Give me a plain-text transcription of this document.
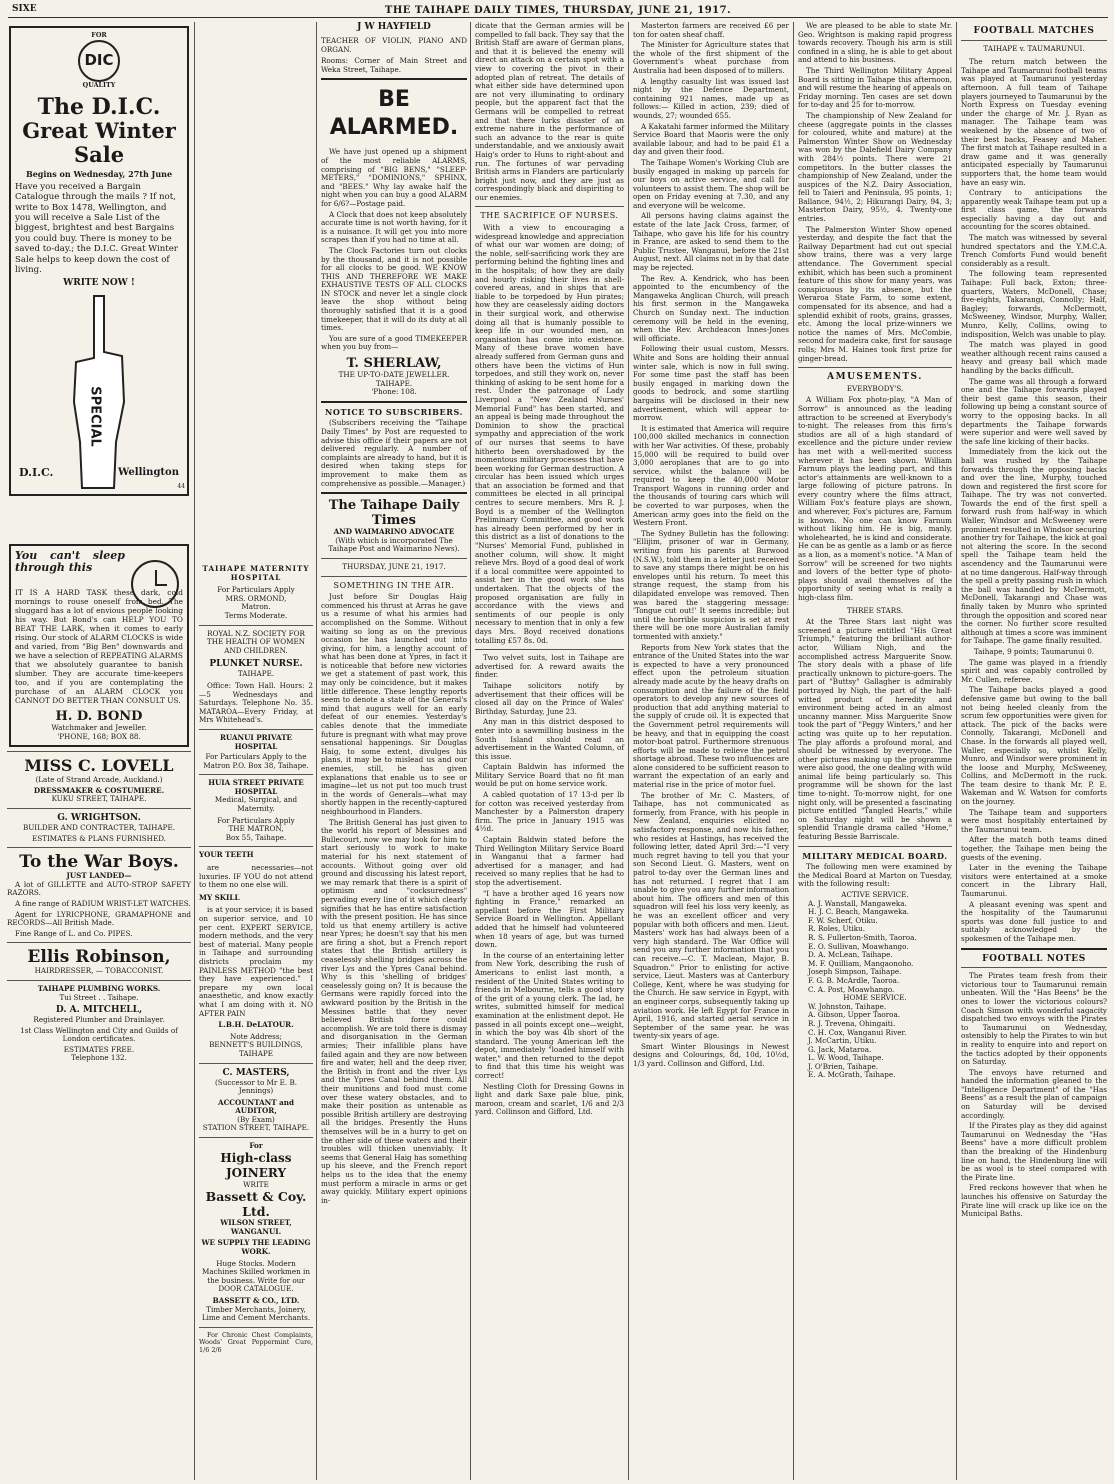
SIXE	THE TAIHAPE DAILY TIMES, THURSDAY, JUNE 21, 1917.
FOR
DIC
QUALITY
The D.I.C.
Great Winter Sale
Begins on Wednesday, 27th June

Have you received a Bargain Catalogue through the mails ? If not, write to Box 1478, Wellington, and you will receive a Sale List of the biggest, brightest and best Bargains you could buy. There is money to be saved to-day.; the D.I.C. Great Winter Sale helps to keep down the cost of living.

WRITE NOW !
SPECIAL
D.I.C.	Wellington
44
You can't sleep through this

IT IS A HARD TASK these dark, cold mornings to rouse oneself from bed. The sluggard has a lot of envious people looking his way. But Bond's can HELP YOU TO BEAT THE LARK, when it comes to early rising. Our stock of ALARM CLOCKS is wide and varied, from "Big Ben" downwards and we have a selection of REPEATING ALARMS that we absolutely guarantee to banish slumber. They are accurate time-keepers too, and if you are contemplating the purchase of an ALARM CLOCK you CANNOT DO BETTER THAN CONSULT US.

H. D. BOND
Watchmaker and Jeweller.
'PHONE, 168; BOX 88.
MISS C. LOVELL
(Late of Strand Arcade, Auckland.)
DRESSMAKER & COSTUMIERE.
KUKU STREET, TAIHAPE.
G. WRIGHTSON.
BUILDER AND CONTRACTER, TAIHAPE.
ESTIMATES & PLANS FURNISHED.
To the War Boys.
JUST LANDED—

A lot of GILLETTE and AUTO-STROP SAFETY RAZORS.

A fine range of RADIUM WRIST-LET WATCHES.

Agent for LYRICPHONE, GRAMAPHONE and RECORDS—All British Made.

Fine Range of L. and Co. PIPES.

Ellis Robinson,
HAIRDRESSER, — TOBACCONIST.
TAIHAPE PLUMBING WORKS.
Tui Street . . Taihape.
D. A. MITCHELL,
Registered Plumber and Drainlayer.

1st Class Wellington and City and Guilds of London certificates.

ESTIMATES FREE.
Telephone 132.
TAIHAPE MATERNITY HOSPITAL
For Particulars Apply
MRS. ORMOND,
Matron.
Terms Moderate.
ROYAL N.Z. SOCIETY FOR THE HEALTH OF WOMEN AND CHILDREN.
PLUNKET NURSE.
TAIHAPE.

Office: Town Hall. Hours: 2—5 Wednesdays and Saturdays. Telephone No. 35. MATAROA—Every Friday, at Mrs Whitehead's.

RUANUI PRIVATE HOSPITAL

For Particulars Apply to the Matron P.O. Box 38, Taihape.

HUIA STREET PRIVATE HOSPITAL
Medical, Surgical, and Maternity.
For Particulars Apply
THE MATRON,
Box 55, Taihape.
YOUR TEETH

are necessaries—not luxuries. IF YOU do not attend to them no one else will.

MY SKILL

is at your service; it is based on superior service, and 10 per cent. EXPERT SERVICE, modern methods, and the very best of material. Many people in Taihape and surrounding districts proclaim my PAINLESS METHOD "the best they have experienced." I prepare my own local anaesthetic, and know exactly what I am doing with it. NO AFTER PAIN

L.B.H. DeLATOUR.
Note Address;
BENNETT'S BUILDINGS, TAIHAPE
C. MASTERS,
(Successor to Mr E. B. Jennings)
ACCOUNTANT and AUDITOR,
(By Exam)
STATION STREET, TAIHAPE.
For
High-class JOINERY
WRITE
Bassett & Coy. Ltd.
WILSON STREET, WANGANUI.
WE SUPPLY THE LEADING WORK.

Huge Stocks. Modern Machines Skilled workmen in the business. Write for our DOOR CATALOGUE.

BASSETT & CO., LTD.

Timber Merchants, Joinery, Lime and Cement Merchants.

For Chronic Chest Complaints, Woods' Great Peppermint Cure, 1/6 2/6

J W HAYFIELD

TEACHER OF VIOLIN, PIANO AND ORGAN.

Rooms: Corner of Main Street and Weka Street, Taihape.

BE ALARMED.

We have just opened up a shipment of the most reliable ALARMS, comprising of "BIG BENS," "SLEEP-METERS," "DOMINIONS," SPHINX, and "BEES." Why lay awake half the night when you can buy a good ALARM for 6/6?—Postage paid.

A Clock that does not keep absolutely accurate time is not worth having, for it is a nuisance. It will get you into more scrapes than if you had no time at all.

The Clock Factories turn out clocks by the thousand, and it is not possible for all clocks to be good. WE KNOW THIS AND THEREFORE WE MAKE EXHAUSTIVE TESTS OF ALL CLOCKS IN STOCK and never let a single clock leave the shop without being thoroughly satisfied that it is a good timekeeper, that it will do its duty at all times.

You are sure of a good TIMEKEEPER when you buy from—

T. SHERLAW,
THE UP-TO-DATE JEWELLER.
TAIHAPE.
'Phone: 108.
NOTICE TO SUBSCRIBERS.

(Subscribers receiving the "Taihape Daily Times" by Post are requested to advise this office if their papers are not delivered regularly. A number of complaints are already to hand, but it is desired when taking steps for improvement to make them as comprehensive as possible.—Manager.)

The Taihape Daily Times
AND WAIMARINO ADVOCATE
(With which is incorporated The Taihape Post and Waimarino News).
THURSDAY, JUNE 21, 1917.
SOMETHING IN THE AIR.

Just before Sir Douglas Haig commenced his thrust at Arras he gave us a resume of what his armies had accomplished on the Somme. Without waiting so long as on the previous occasion he has launched out into giving, for him, a lengthy account of what has been done at Ypres, in fact it is noticeable that before new victories we get a statement of past work, this may only be coincidence, but it makes little difference. These lengthy reports seem to denote a state of the General's mind that augurs well for an early defeat of our enemies. Yesterday's cables denote that the immediate future is pregnant with what may prove sensational happenings. Sir Douglas Haig, to some extent, divulges his plans, it may be to mislead us and our enemies, still, he has given explanations that enable us to see or imagine—let us not put too much trust in the words of Generals—what may shortly happen in the recently-captured neighbourhood in Flanders.

The British General has just given to the world his report of Messines and Bullecourt, now we may look for him to start seriously to work to make material for his next statement of accounts. Without going over old ground and discussing his latest report, we may remark that there is a spirit of optimism and "cocksuredness" pervading every line of it which clearly signifies that he has entire satisfaction with the present position. He has since told us that enemy artillery is active near Ypres; he doesn't say that his men are firing a shot, but a French report states that the British artillery is ceaselessly shelling bridges across the river Lys and the Ypres Canal behind. Why is this 'shelling of bridges' ceaselessly going on? It is because the Germans were rapidly forced into the awkward position by the British in the Messines battle that they never believed British force could accomplish. We are told there is dismay and disorganisation in the German armies; Their infallible plans have failed again and they are now between fire and water, hell and the deep river, the British in front and the river Lys and the Ypres Canal behind them. All their munitions and food must come over these watery obstacles, and to make their position as untenable as possible British artillery are destroying all the bridges. Presently the Huns themselves will be in a hurry to get on the other side of these waters and their troubles will thicken unenviably. It seems that General Haig has something up his sleeve, and the French report helps us to the idea that the enemy must perform a miracle in arms or get away quickly. Military expert opinions in-

dicate that the German armies will be compelled to fall back. They say that the British Staff are aware of German plans, and that it is believed the enemy will direct an attack on a certain spot with a view to covering the pivot in their adopted plan of retreat. The details of what either side have determined upon are not very illuminating to ordinary people, but the apparent fact that the Germans will be compelled to retreat and that there lurks disaster of an extreme nature in the performance of such an advance to the rear is quite understandable, and we anxiously await Haig's order to Huns to right-about and run. The fortunes of war pervading British arms in Flanders are particularly bright just now, and they are just as correspondingly black and dispiriting to our enemies.

THE SACRIFICE OF NURSES.

With a view to encouraging a widespread knowledge and appreciation of what our war women are doing; of the noble, self-sacrificing work they are performing behind the fighting lines and in the hospitals; of how they are daily and hourly risking their lives in shell-covered areas, and in ships that are liable to be torpedoed by Hun pirates; how they are ceaselessly aiding doctors in their surgical work, and otherwise doing all that is humanly possible to keep life in our wounded men, an organisation has come into existence. Many of these brave women have already suffered from German guns and others have been the victims of Hun torpedoes, and still they work on, never thinking of asking to be sent home for a rest. Under the patronage of Lady Liverpool a "New Zealand Nurses' Memorial Fund" has been started, and an appeal is being made throughout the Dominion to show the practical sympathy and appreciation of the work of our nurses that seems to have hitherto been overshadowed by the momentous military processes that have been working for German destruction. A circular has been issued which urges that an association be formed and that committees be elected in all principal centres to secure members. Mrs R. J. Boyd is a member of the Wellington Preliminary Committee, and good work has already been performed by her in this district as a list of donations to the "Nurses' Memorial Fund, published in another column, will show. It might relieve Mrs. Boyd of a good deal of work if a local committee were appointed to assist her in the good work she has undertaken. That the objects of the proposed organisation are fully in accordance with the views and sentiments of our people is only necessary to mention that in only a few days Mrs. Boyd received donations totalling £57 8s. 0d.

Two velvet suits, lost in Taihape are advertised for. A reward awaits the finder.

Taihape solicitors notify by advertisement that their offices will be closed all day on the Prince of Wales' Birthday, Saturday, June 23.

Any man in this district desposed to enter into a sawmilling business in the South Island should read an advertisement in the Wanted Column, of this issue.

Captain Baldwin has informed the Military Service Board that no fit man would be put on home service work.

A cabled quotation of 17 13-d per lb for cotton was received yesterday from Manchester by a Palmerston drapery firm. The price in January 1915 was 4½d.

Captain Baldwin stated before the Third Wellington Military Service Board in Wanganui that a farmer had advertised for a manager, and had received so many replies that he had to stop the advertisement.

"I have a brother aged 16 years now fighting in France," remarked an appellant before the First Military Service Board in Wellington. Appellant added that he himself had volunteered when 18 years of age, but was turned down.

In the course of an entertaining letter from New York, describing the rush of Americans to enlist last month, a resident of the United States writing to friends in Melbourne, tells a good story of the grit of a young clerk. The lad, he writes, submitted himself for medical examination at the enlistment depot. He passed in all points except one—weight, in which the boy was 4lb short of the standard. The young American left the depot, immediately "loaded himself with water," and then returned to the depot to find that this time his weight was correct!

Nestling Cloth for Dressing Gowns in light and dark Saxe pale blue, pink, maroon, cream and scarlet, 1/6 and 2/3 yard. Collinson and Gifford, Ltd.

Masterton farmers are received £6 per ton for oaten sheaf chaff.

The Minister for Agriculture states that the whole of the first shipment of the Government's wheat purchase from Australia had been disposed of to millers.

A lengthy casualty list was issued last night by the Defence Department, containing 921 names, made up as follows:— Killed in action, 239; died of wounds, 27; wounded 655.

A Kakatahi farmer informed the Military Service Board that Maoris were the only available labour, and had to be paid £1 a day and given their food.

The Taihape Women's Working Club are busily engaged in making up parcels for our boys on active service, and call for volunteers to assist them. The shop will be open on Friday evening at 7.30, and any and everyone will be welcome.

All persons having claims against the estate of the late Jack Cross, farmer, of Taihape, who gave his life for his country in France, are asked to send them to the Public Trustee, Wanganui, before the 21st August, next. All claims not in by that date may be rejected.

The Rev. A. Kendrick, who has been appointed to the encumbency of the Mangaweka Anglican Church, will preach his first sermon in the Mangaweka Church on Sunday next. The induction ceremony will be held in the evening, when the Rev. Archdeacon Innes-Jones will officiate.

Following their usual custom, Messrs. White and Sons are holding their annual winter sale, which is now in full swing. For some time past the staff has been busily engaged in marking down the goods to bedrock, and some startling bargains will be disclosed in their new advertisement, which will appear to-morrow.

It is estimated that America will require 100,000 skilled mechanics in connection with her War activities. Of these, probably 15,000 will be required to build over 3,000 aeroplanes that are to go into service, whilst the balance will be required to keep the 40,000 Motor Transport Wagons in running order and the thousands of touring cars which will be coverted to war purposes, when the American army goes into the field on the Western Front.

The Sydney Bulletin has the following: "Ellijim, prisoner of war in Germany, writing from his parents at Burwood (N.S.W.), told them in a letter just received to save any stamps there might be on his envelopes until his return. To meet this strange request, the stamp from his dilapidated envelope was removed. Then was bared the staggering message: 'Tongue cut out!' It seems incredible; but until the horrible suspicion is set at rest there will be one more Australian family tormented with anxiety."

Reports from New York states that the entrance of the United States into the war is expected to have a very pronounced effect upon the petroleum situation already made acute by the heavy drafts on consumption and the failure of the field operators to develop any new sources of production that add anything material to the supply of crude oil. It is expected that the Government petrol requirements will be heavy, and that in equipping the coast motor-boat patrol. Furthermore strenuous efforts will be made to relieve the petrol shortage abroad. These two influences are alone considered to be sufficient reason to warrant the expectation of an early and material rise in the price of motor fuel.

The brother of Mr. C. Masters, of Taihape, has not communicated as formerly, from France, with his people in New Zealand, enquiries elicited no satisfactory response, and now his father, who resides at Hastings, has received the following letter, dated April 3rd:—"I very much regret having to tell you that your son Second Lieut. G. Masters, went on patrol to-day over the German lines and has not returned. I regret that I am unable to give you any further information about him. The officers and men of this squadron will feel his loss very keenly, as he was an excellent officer and very popular with both officers and men. Lieut. Masters' work has had always been of a very high standard. The War Office will send you any further information that you can receive.—C. T. Maclean, Major, B. Squadron." Prior to enlisting for active service, Lieut. Masters was at Canterbury College, Kent, where he was studying for the Church. He saw service in Egypt, with an engineer corps, subsequently taking up aviation work. He left Egypt for France in April, 1916, and started aerial service in September of the same year. he was twenty-six years of age.

Smart Winter Blousings in Newest designs and Colourings, 8d, 10d, 10½d, 1/3 yard. Collinson and Gifford, Ltd.

We are pleased to be able to state Mr. Geo. Wrightson is making rapid progress towards recovery. Though his arm is still confined in a sling, he is able to get about and attend to his business.

The Third Wellington Military Appeal Board is sitting in Taihape this afternoon, and will resume the hearing of appeals on Friday morning. Ten cases are set down for to-day and 25 for to-morrow.

The championship of New Zealand for cheese (aggregate points in the classes for coloured, white and mature) at the Palmerston Winter Show on Wednesday was won by the Dalefield Dairy Company with 284½ points. There were 21 competitors. In the butter classes the championship of New Zealand, under the auspices of the N.Z. Dairy Association, fell to Taieri and Peninsula, 95 points, 1; Ballance, 94½, 2; Hikurangi Dairy, 94, 3; Masterton Dairy, 95½, 4. Twenty-one entries.

The Palmerston Winter Show opened yesterday, and despite the fact that the Railway Department had cut out special show trains, there was a very large attendance. The Government special exhibit, which has been such a prominent feature of this show for many years, was conspicuous by its absence, but the Weraroa State Farm, to some extent, compensated for its absence, and had a splendid exhibit of roots, grains, grasses, etc. Among the local prize-winners we notice the names of Mrs. McCombie, second for madeira cake, first for sausage rolls; Mrs M. Haines took first prize for ginger-bread.

AMUSEMENTS.
EVERYBODY'S.

A William Fox photo-play, "A Man of Sorrow" is announced as the leading attraction to be screened at Everybody's to-night. The releases from this firm's studios are all of a high standard of excellence and the picture under review has met with a well-merited success wherever it has been shown. William Farnum plays the leading part, and this actor's attainments are well-known to a large following of picture patrons. In every country where the films attract, William Fox's feature plays are shown, and wherever, Fox's pictures are, Farnum is known. No one can know Farnum without liking him. He is big, manly, wholehearted, he is kind and considerate. He can be as gentle as a lamb or as fierce as a lion, as a moment's notice. "A Man of Sorrow" will be screened for two nights and lovers of the better type of photo-plays should avail themselves of the opportunity of seeing what is really a high-class film.

THREE STARS.

At the Three Stars last night was screened a picture entitled "His Great Triumph," featuring the brilliant author-actor, William Nigh, and the accomplished actress Marguerite Snow. The story deals with a phase of life practically unknown to picture-goers. The part of "Buttsy" Gallagher is admirably portrayed by Nigh, the part of the half-witted product of heredity and environment being acted in an almost uncanny manner. Miss Marguerite Snow took the part of "Peggy Winters," and her acting was quite up to her reputation. The play affords a profound moral, and should be witnessed by everyone. The other pictures making up the programme were also good, the one dealing with wild animal life being particularly so. This programme will be shown for the last time to-night. To-morrow night, for one night only, will be presented a fascinating picture entitled "Tangled Hearts," while on Saturday night will be shown a splendid Triangle drama called "Home," featuring Bessie Barriscale.

MILITARY MEDICAL BOARD.

The following men were examined by the Medical Board at Marton on Tuesday, with the following result:

ACTIVE SERVICE.
A. J. Wanstall, Mangaweka.
H. J. C. Beach, Mangaweka.
F. W. Scherf, Otiku.
R. Roles, Utiku.
R. S. Fullerton-Smith, Taoroa.
E. O. Sullivan, Moawhango.
D. A. McLean, Taihape.
M. F. Quilliam, Mangaonoho.
Joseph Simpson, Taihape.
F. G. B. McArdle, Taoroa.
C. A. Post, Moawhango.
HOME SERVICE.
W. Johnston, Taihape.
A. Gibson, Upper Taoroa.
R. J. Trevena, Ohingaiti.
C. H. Cox, Wanganui River.
J. McCartin, Utiku.
G. Jack, Mataroa.
L. W. Wood, Taihape.
J. O'Brien, Taihape.
E. A. McGrath, Taihape.
FOOTBALL MATCHES
TAIHAPE v. TAUMARUNUI.

The return match between the Taihape and Taumarunui football teams was played at Taumarunui yesterday afternoon. A full team of Taihape players journeyed to Taumarunui by the North Express on Tuesday evening under the charge of Mr. J. Ryan as manager. The Taihape team was weakened by the absence of two of their best backs, Feasey and Maher. The first match at Taihape resulted in a draw game and it was generally anticipated especially by Taumarunui supporters that, the home team would have an easy win.

Contrary to anticipations the apparently weak Taihape team put up a first class game, the forwards especially having a day out and accounting for the scores obtained.

The match was witnessed by several hundred spectators and the Y.M.C.A. Trench Comforts Fund would benefit considerably as a result.

The following team represented Taihape: Full back, Exton; three-quarters, Waters, McDonell, Chase; five-eights, Takarangi, Connolly; Half, Bagley; forwards, McDermott, McSweeney, Windsor, Murphy, Waller, Munro, Kelly, Collins, owing to indisposition, Welch was unable to play.

The match was played in good weather although recent rains caused a heavy and greasy ball which made handling by the backs difficult.

The game was all through a forward one and the Taihape forwards played their best game this season, their following up being a constant source of worry to the opposing backs. In all departments the Taihape forwards were superior and were well saved by the safe line kicking of their backs.

Immediately from the kick out the ball was rushed by the Taihape forwards through the opposing backs and over the line, Murphy, touched down and registered the first score for Taihape. The try was not converted. Towards the end of the first spell a forward rush from half-way in which Waller, Windsor and McSweeney were prominent resulted in Windsor securing another try for Taihape, the kick at goal not altering the score. In the second spell the Taihape team held the ascendency and the Taumarunui were at no time dangerous. Half-way through the spell a pretty passing rush in which the ball was handled by McDermott, McDonell, Takarangi and Chase was finally taken by Munro who sprinted through the opposition and scored near the corner. No further score resulted although at times a score was imminent for Taihape. The game finally resulted.

Taihape, 9 points; Taumarunui 0.

The game was played in a friendly spirit and was capably controlled by Mr. Cullen, referee.

The Taihape backs played a good defensive game but owing to the ball not being heeled cleanly from the scrum few opportunities were given for attack. The pick of the backs were Connolly, Takarangi, McDonell and Chase. In the forwards all played well, Waller, especially so, whilst Kelly, Munro, and Windsor were prominent in the loose and Murphy, McSweeney, Collins, and McDermott in the ruck. The team desire to thank Mr. P. E. Wakeman and W. Watson for comforts on the journey.

The Taihape team and supporters were most hospitably entertained by the Taumarunui team.

After the match both teams dined together, the Taihape men being the guests of the evening.

Later in the evening the Taihape visitors were entertained at a smoke concert in the Library Hall, Taumarunui.

A pleasant evening was spent and the hospitality of the Taumarunui sports was done full justice to and suitably acknowledged by the spokesmen of the Taihape men.

FOOTBALL NOTES

The Pirates team fresh from their victorious tour to Taumarunui remain unbeaten. Will the "Has Beens" be the ones to lower the victorious colours? Coach Simson with wonderful sagacity dispatched two envoys with the Pirates to Taumarunui on Wednesday, ostensibly to help the Pirates to win but in reality to enquire into and report on the tactics adopted by their opponents on Saturday.

The envoys have returned and handed the information gleaned to the "Intelligence Department" of the "Has Beens" as a result the plan of campaign on Saturday will be devised accordingly.

If the Pirates play as they did against Taumarunui on Wednesday the "Has Beens" have a more difficult problem than the breaking of the Hindenburg line on hand, the Hindenburg line will be as wool is to steel compared with the Pirate line.

Fred reckons however that when he launches his offensive on Saturday the Pirate line will crack up like ice on the Municipal Baths.
